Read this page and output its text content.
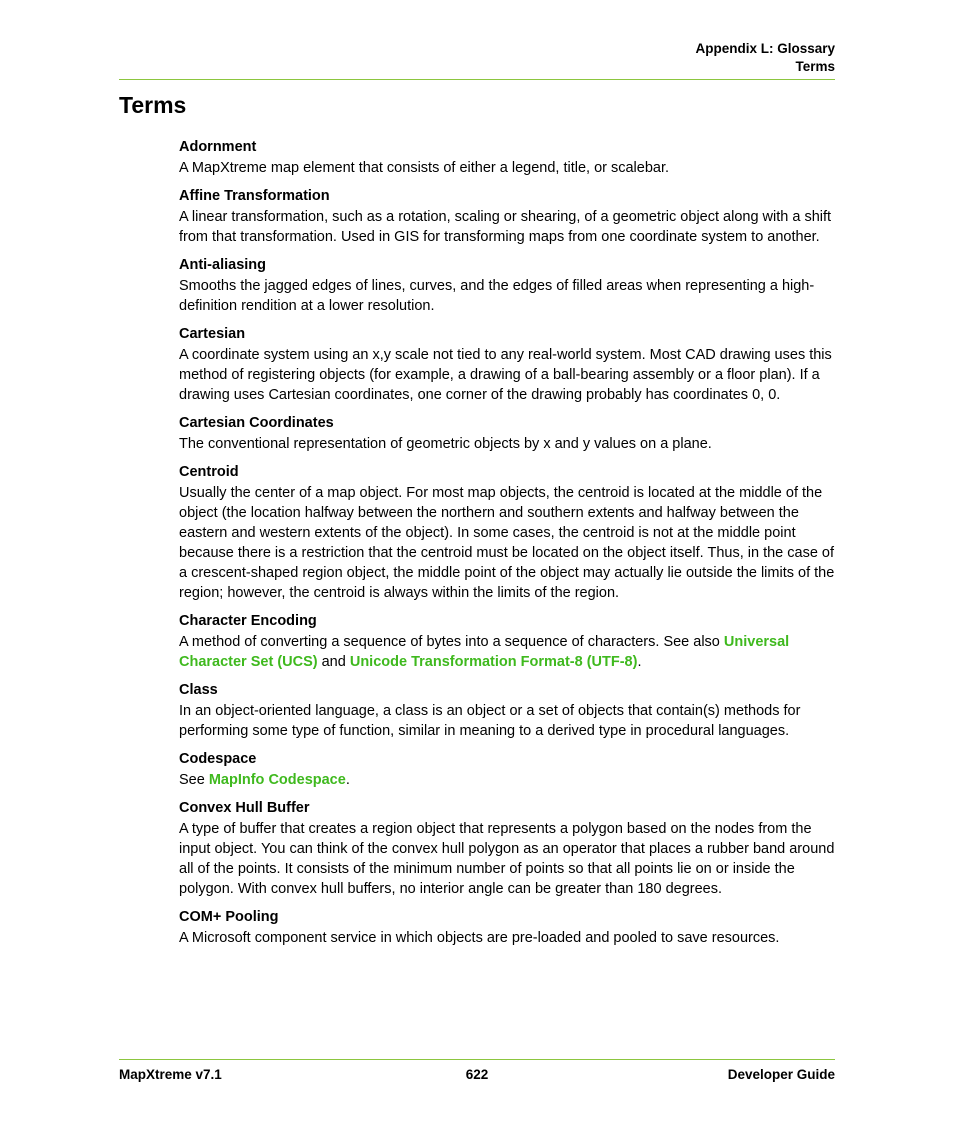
Appendix L: Glossary
Terms
Terms
Adornment
A MapXtreme map element that consists of either a legend, title, or scalebar.
Affine Transformation
A linear transformation, such as a rotation, scaling or shearing, of a geometric object along with a shift from that transformation. Used in GIS for transforming maps from one coordinate system to another.
Anti-aliasing
Smooths the jagged edges of lines, curves, and the edges of filled areas when representing a high-definition rendition at a lower resolution.
Cartesian
A coordinate system using an x,y scale not tied to any real-world system. Most CAD drawing uses this method of registering objects (for example, a drawing of a ball-bearing assembly or a floor plan). If a drawing uses Cartesian coordinates, one corner of the drawing probably has coordinates 0, 0.
Cartesian Coordinates
The conventional representation of geometric objects by x and y values on a plane.
Centroid
Usually the center of a map object. For most map objects, the centroid is located at the middle of the object (the location halfway between the northern and southern extents and halfway between the eastern and western extents of the object). In some cases, the centroid is not at the middle point because there is a restriction that the centroid must be located on the object itself. Thus, in the case of a crescent-shaped region object, the middle point of the object may actually lie outside the limits of the region; however, the centroid is always within the limits of the region.
Character Encoding
A method of converting a sequence of bytes into a sequence of characters. See also Universal Character Set (UCS) and Unicode Transformation Format-8 (UTF-8).
Class
In an object-oriented language, a class is an object or a set of objects that contain(s) methods for performing some type of function, similar in meaning to a derived type in procedural languages.
Codespace
See MapInfo Codespace.
Convex Hull Buffer
A type of buffer that creates a region object that represents a polygon based on the nodes from the input object. You can think of the convex hull polygon as an operator that places a rubber band around all of the points. It consists of the minimum number of points so that all points lie on or inside the polygon. With convex hull buffers, no interior angle can be greater than 180 degrees.
COM+ Pooling
A Microsoft component service in which objects are pre-loaded and pooled to save resources.
MapXtreme v7.1	622	Developer Guide
